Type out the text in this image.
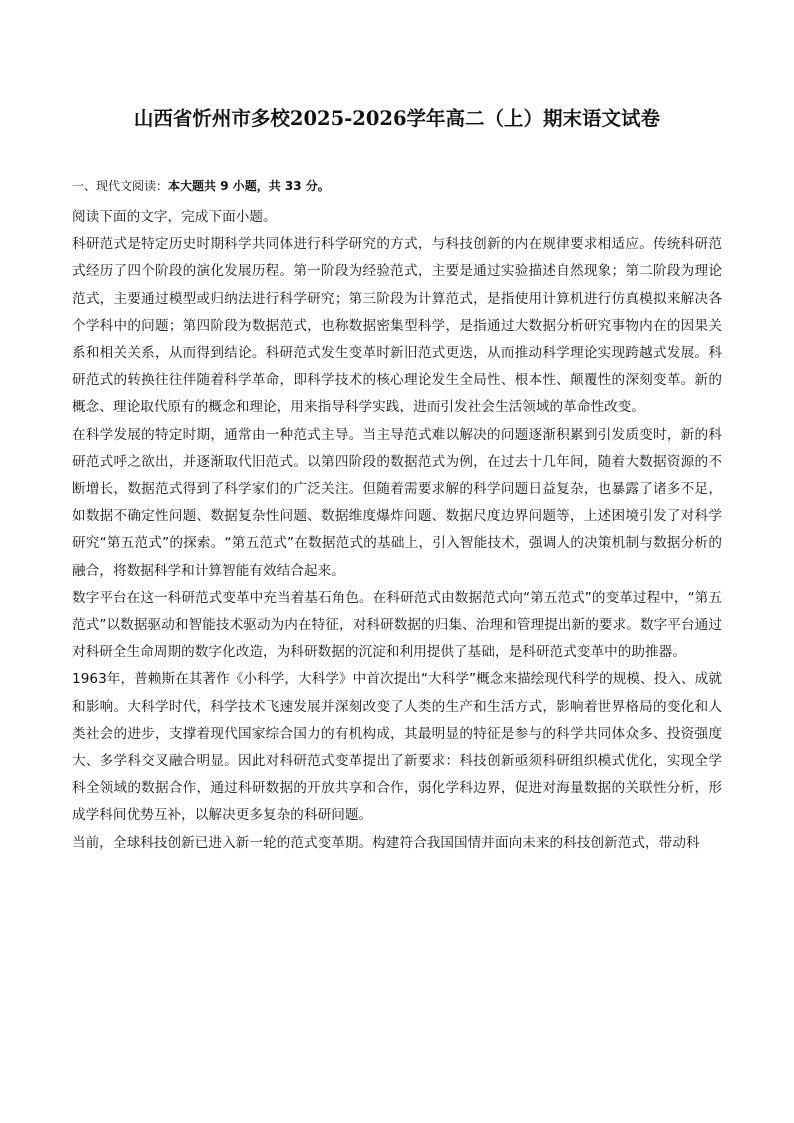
山西省忻州市多校2025-2026学年高二（上）期末语文试卷
一、现代文阅读：本大题共 9 小题，共 33 分。

阅读下面的文字，完成下面小题。

科研范式是特定历史时期科学共同体进行科学研究的方式，与科技创新的内在规律要求相适应。传统科研范式经历了四个阶段的演化发展历程。第一阶段为经验范式，主要是通过实验描述自然现象；第二阶段为理论范式，主要通过模型或归纳法进行科学研究；第三阶段为计算范式，是指使用计算机进行仿真模拟来解决各个学科中的问题；第四阶段为数据范式，也称数据密集型科学，是指通过大数据分析研究事物内在的因果关系和相关关系，从而得到结论。科研范式发生变革时新旧范式更迭，从而推动科学理论实现跨越式发展。科研范式的转换往往伴随着科学革命，即科学技术的核心理论发生全局性、根本性、颠覆性的深刻变革。新的概念、理论取代原有的概念和理论，用来指导科学实践，进而引发社会生活领域的革命性改变。

在科学发展的特定时期，通常由一种范式主导。当主导范式难以解决的问题逐渐积累到引发质变时，新的科研范式呼之欲出，并逐渐取代旧范式。以第四阶段的数据范式为例，在过去十几年间，随着大数据资源的不断增长，数据范式得到了科学家们的广泛关注。但随着需要求解的科学问题日益复杂，也暴露了诸多不足，如数据不确定性问题、数据复杂性问题、数据维度爆炸问题、数据尺度边界问题等，上述困境引发了对科学研究“第五范式”的探索。“第五范式”在数据范式的基础上，引入智能技术，强调人的决策机制与数据分析的融合，将数据科学和计算智能有效结合起来。

数字平台在这一科研范式变革中充当着基石角色。在科研范式由数据范式向“第五范式”的变革过程中，“第五范式”以数据驱动和智能技术驱动为内在特征，对科研数据的归集、治理和管理提出新的要求。数字平台通过对科研全生命周期的数字化改造，为科研数据的沉淀和利用提供了基础，是科研范式变革中的助推器。

1963年，普赖斯在其著作《小科学，大科学》中首次提出“大科学”概念来描绘现代科学的规模、投入、成就和影响。大科学时代，科学技术飞速发展并深刻改变了人类的生产和生活方式，影响着世界格局的变化和人类社会的进步，支撑着现代国家综合国力的有机构成，其最明显的特征是参与的科学共同体众多、投资强度大、多学科交叉融合明显。因此对科研范式变革提出了新要求：科技创新亟须科研组织模式优化，实现全学科全领域的数据合作，通过科研数据的开放共享和合作，弱化学科边界，促进对海量数据的关联性分析，形成学科间优势互补，以解决更多复杂的科研问题。

当前，全球科技创新已进入新一轮的范式变革期。构建符合我国国情并面向未来的科技创新范式，带动科
